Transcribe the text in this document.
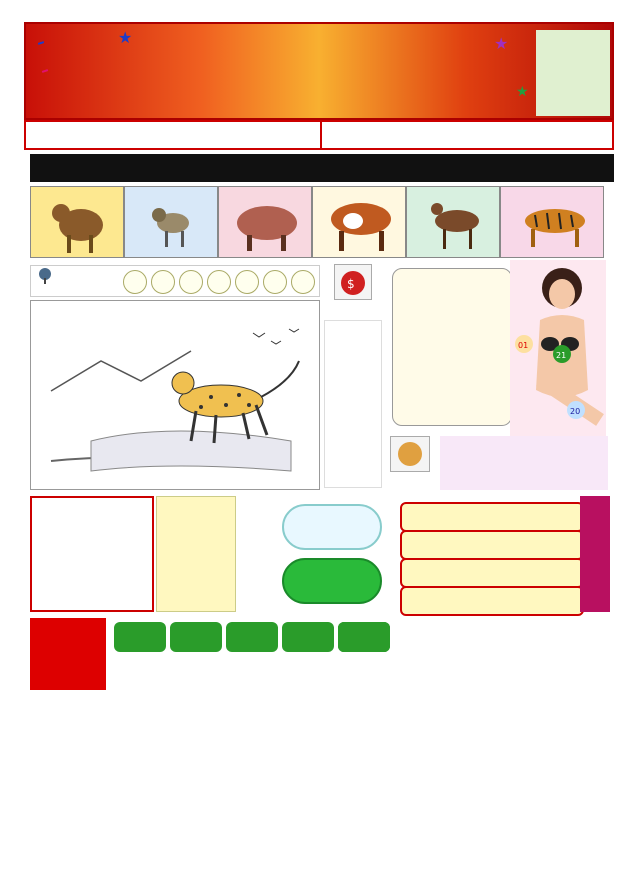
★	★
★
$
01
21
20
